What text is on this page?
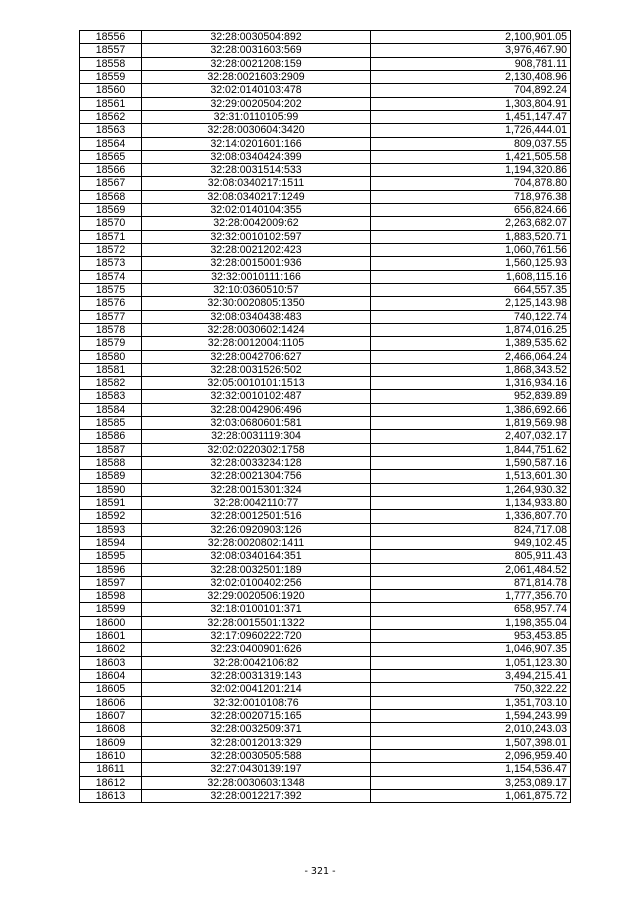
18556	32:28:0030504:892	2,100,901.05
18557	32:28:0031603:569	3,976,467.90
18558	32:28:0021208:159	908,781.11
18559	32:28:0021603:2909	2,130,408.96
18560	32:02:0140103:478	704,892.24
18561	32:29:0020504:202	1,303,804.91
18562	32:31:0110105:99	1,451,147.47
18563	32:28:0030604:3420	1,726,444.01
18564	32:14:0201601:166	809,037.55
18565	32:08:0340424:399	1,421,505.58
18566	32:28:0031514:533	1,194,320.86
18567	32:08:0340217:1511	704,878.80
18568	32:08:0340217:1249	718,976.38
18569	32:02:0140104:355	656,824.66
18570	32:28:0042009:62	2,263,682.07
18571	32:32:0010102:597	1,883,520.71
18572	32:28:0021202:423	1,060,761.56
18573	32:28:0015001:936	1,560,125.93
18574	32:32:0010111:166	1,608,115.16
18575	32:10:0360510:57	664,557.35
18576	32:30:0020805:1350	2,125,143.98
18577	32:08:0340438:483	740,122.74
18578	32:28:0030602:1424	1,874,016.25
18579	32:28:0012004:1105	1,389,535.62
18580	32:28:0042706:627	2,466,064.24
18581	32:28:0031526:502	1,868,343.52
18582	32:05:0010101:1513	1,316,934.16
18583	32:32:0010102:487	952,839.89
18584	32:28:0042906:496	1,386,692.66
18585	32:03:0680601:581	1,819,569.98
18586	32:28:0031119:304	2,407,032.17
18587	32:02:0220302:1758	1,844,751.62
18588	32:28:0033234:128	1,590,587.16
18589	32:28:0021304:756	1,513,601.30
18590	32:28:0015301:324	1,264,930.32
18591	32:28:0042110:77	1,134,933.80
18592	32:28:0012501:516	1,336,807.70
18593	32:26:0920903:126	824,717.08
18594	32:28:0020802:1411	949,102.45
18595	32:08:0340164:351	805,911.43
18596	32:28:0032501:189	2,061,484.52
18597	32:02:0100402:256	871,814.78
18598	32:29:0020506:1920	1,777,356.70
18599	32:18:0100101:371	658,957.74
18600	32:28:0015501:1322	1,198,355.04
18601	32:17:0960222:720	953,453.85
18602	32:23:0400901:626	1,046,907.35
18603	32:28:0042106:82	1,051,123.30
18604	32:28:0031319:143	3,494,215.41
18605	32:02:0041201:214	750,322.22
18606	32:32:0010108:76	1,351,703.10
18607	32:28:0020715:165	1,594,243.99
18608	32:28:0032509:371	2,010,243.03
18609	32:28:0012013:329	1,507,398.01
18610	32:28:0030505:588	2,096,959.40
18611	32:27:0430139:197	1,154,536.47
18612	32:28:0030603:1348	3,253,089.17
18613	32:28:0012217:392	1,061,875.72
- 321 -
